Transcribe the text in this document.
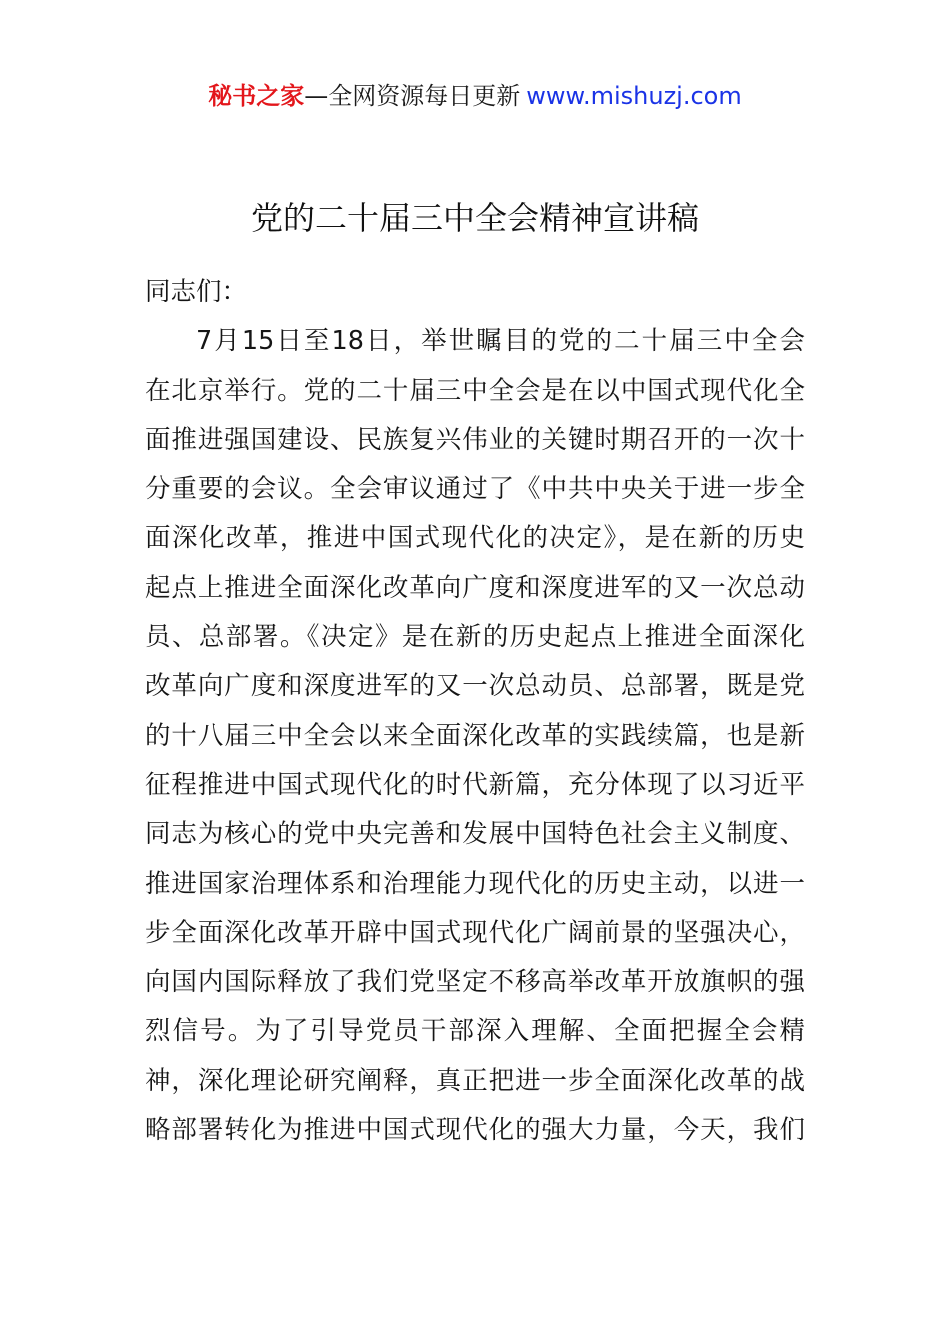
秘书之家—全网资源每日更新 www.mishuzj.com
党的二十届三中全会精神宣讲稿

同志们：

7月15日至18日，举世瞩目的党的二十届三中全会

在北京举行。党的二十届三中全会是在以中国式现代化全

面推进强国建设、民族复兴伟业的关键时期召开的一次十

分重要的会议。全会审议通过了《中共中央关于进一步全

面深化改革，推进中国式现代化的决定》，是在新的历史

起点上推进全面深化改革向广度和深度进军的又一次总动

员、总部署。《决定》是在新的历史起点上推进全面深化

改革向广度和深度进军的又一次总动员、总部署，既是党

的十八届三中全会以来全面深化改革的实践续篇，也是新

征程推进中国式现代化的时代新篇，充分体现了以习近平

同志为核心的党中央完善和发展中国特色社会主义制度、

推进国家治理体系和治理能力现代化的历史主动，以进一

步全面深化改革开辟中国式现代化广阔前景的坚强决心，

向国内国际释放了我们党坚定不移高举改革开放旗帜的强

烈信号。为了引导党员干部深入理解、全面把握全会精

神，深化理论研究阐释，真正把进一步全面深化改革的战

略部署转化为推进中国式现代化的强大力量，今天，我们
